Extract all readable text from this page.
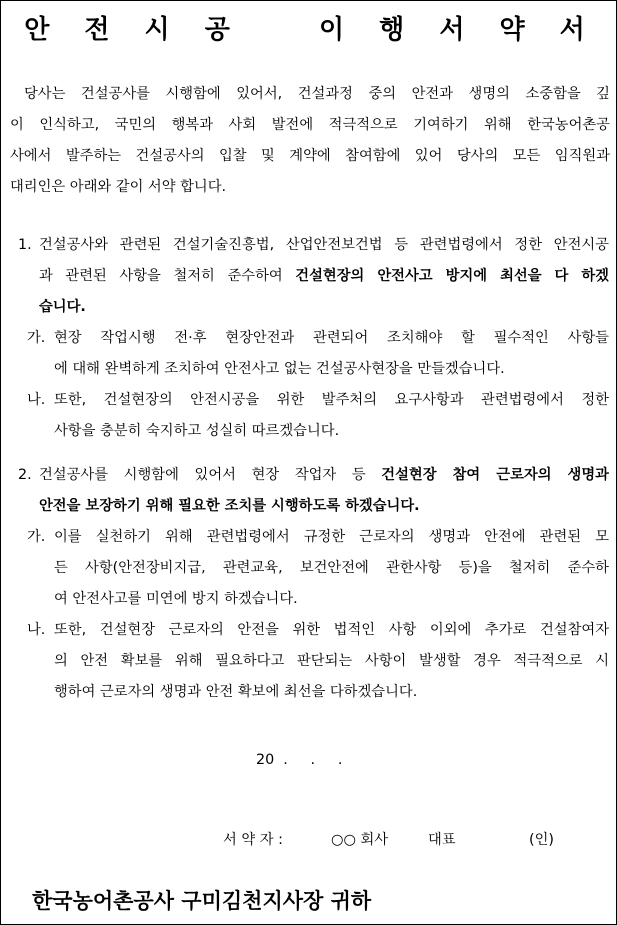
안 전 시 공   이 행 서 약 서

당사는 건설공사를 시행함에 있어서, 건설과정 중의 안전과 생명의 소중함을 깊
이 인식하고, 국민의 행복과 사회 발전에 적극적으로 기여하기 위해 한국농어촌공
사에서 발주하는 건설공사의 입찰 및 계약에 참여함에 있어 당사의 모든 임직원과
대리인은 아래와 같이 서약 합니다.

1. 건설공사와 관련된 건설기술진흥법, 산업안전보건법 등 관련법령에서 정한 안전시공
과 관련된 사항을 철저히 준수하여 건설현장의 안전사고 방지에 최선을 다 하겠
습니다.
가. 현장 작업시행 전·후 현장안전과 관련되어 조치해야 할 필수적인 사항들
에 대해 완벽하게 조치하여 안전사고 없는 건설공사현장을 만들겠습니다.
나. 또한, 건설현장의 안전시공을 위한 발주처의 요구사항과 관련법령에서 정한
사항을 충분히 숙지하고 성실히 따르겠습니다.
2. 건설공사를 시행함에 있어서 현장 작업자 등 건설현장 참여 근로자의 생명과
안전을 보장하기 위해 필요한 조치를 시행하도록 하겠습니다.
가. 이를 실천하기 위해 관련법령에서 규정한 근로자의 생명과 안전에 관련된 모
든 사항(안전장비지급, 관련교육, 보건안전에 관한사항 등)을 철저히 준수하
여 안전사고를 미연에 방지 하겠습니다.
나. 또한, 건설현장 근로자의 안전을 위한 법적인 사항 이외에 추가로 건설참여자
의 안전 확보를 위해 필요하다고 판단되는 사항이 발생할 경우 적극적으로 시
행하여 근로자의 생명과 안전 확보에 최선을 다하겠습니다.
20  .     .     .
서 약 자 :	○○ 회사	대표	(인)
한국농어촌공사 구미김천지사장 귀하
